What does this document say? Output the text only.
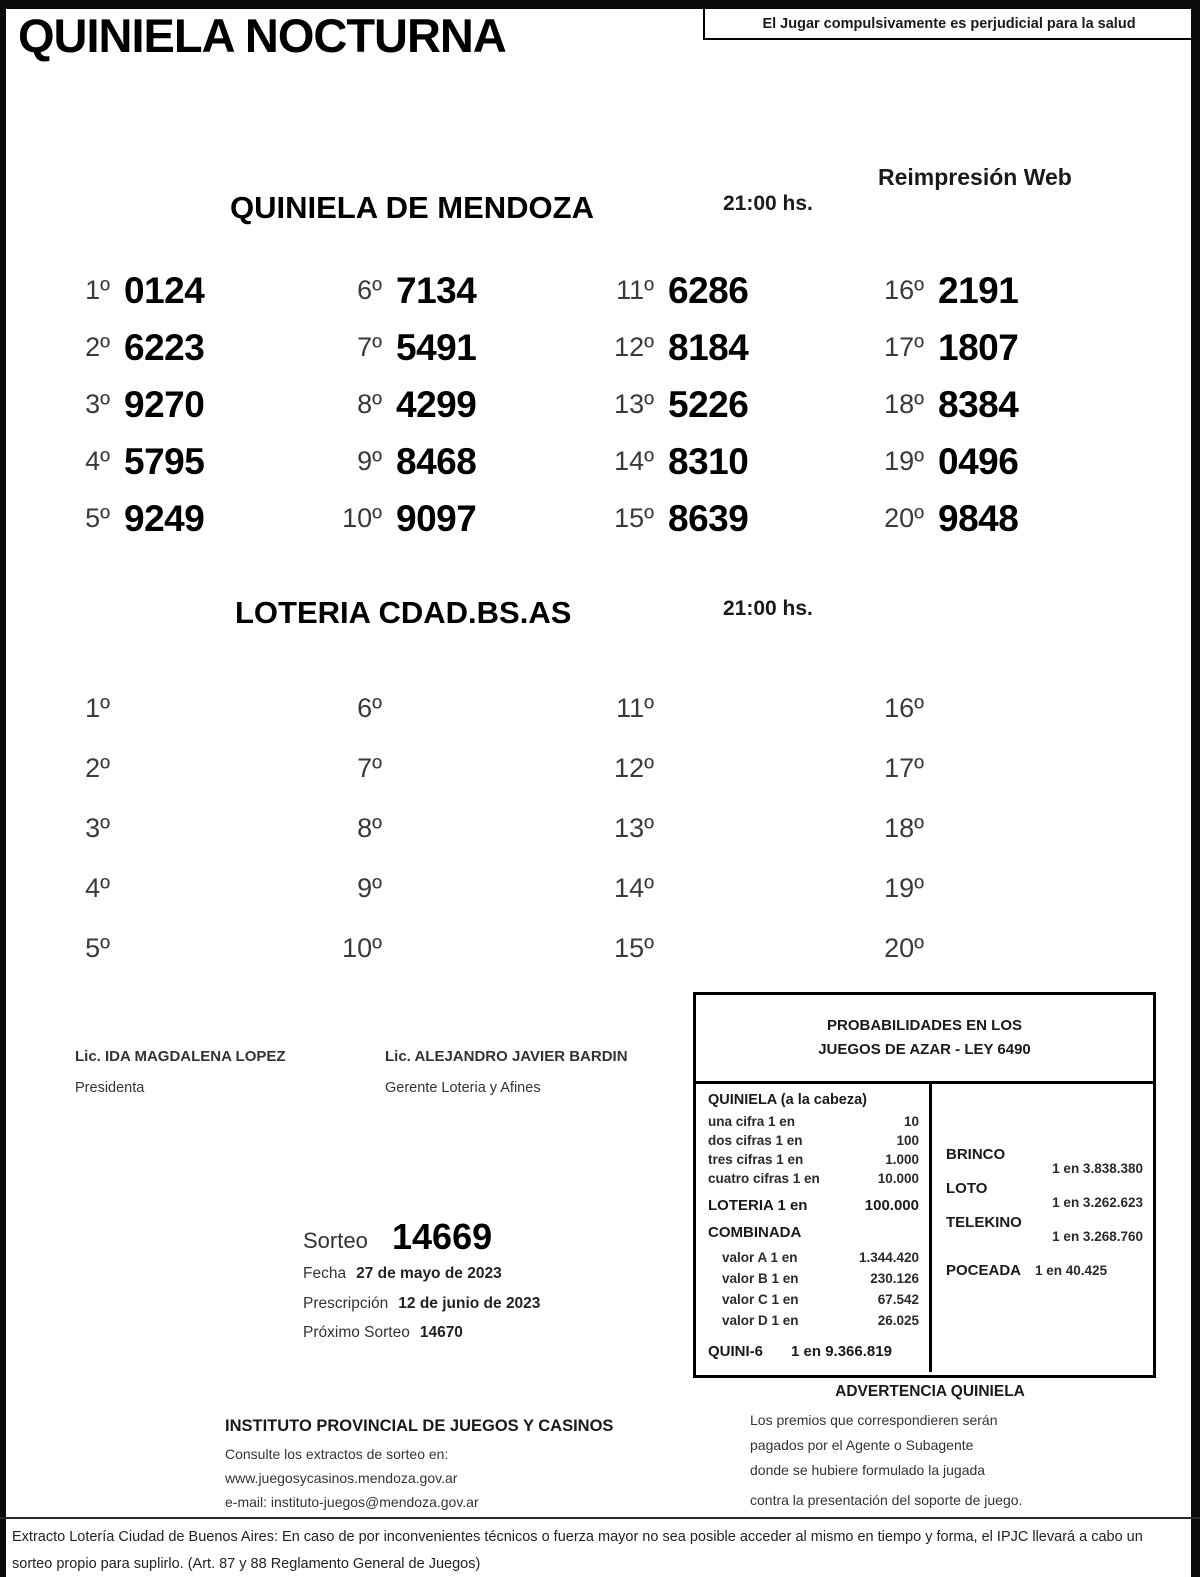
QUINIELA NOCTURNA	El Jugar compulsivamente es perjudicial para la salud
QUINIELA DE MENDOZA	21:00 hs.
Reimpresión Web
1º 0124
2º 6223
3º 9270
4º 5795
5º 9249
6º 7134
7º 5491
8º 4299
9º 8468
10º 9097
11º 6286
12º 8184
13º 5226
14º 8310
15º 8639
16º 2191
17º 1807
18º 8384
19º 0496
20º 9848
LOTERIA CDAD.BS.AS	21:00 hs.
1º
2º
3º
4º
5º
6º
7º
8º
9º
10º
11º
12º
13º
14º
15º
16º
17º
18º
19º
20º
Lic. IDA MAGDALENA LOPEZ
Presidenta
Lic. ALEJANDRO JAVIER BARDIN
Gerente Loteria y Afines
Sorteo 14669
Fecha 27 de mayo de 2023
Prescripción 12 de junio de 2023
Próximo Sorteo 14670
PROBABILIDADES EN LOS
JUEGOS DE AZAR - LEY 6490
QUINIELA (a la cabeza)
una cifra 1 en	10
dos cifras 1 en	100
tres cifras 1 en	1.000
cuatro cifras 1 en	10.000
LOTERIA 1 en	100.000
COMBINADA
valor A 1 en	1.344.420
valor B 1 en	230.126
valor C 1 en	67.542
valor D 1 en	26.025
QUINI-6 1 en 9.366.819
BRINCO
1 en 3.838.380
LOTO
1 en 3.262.623
TELEKINO
1 en 3.268.760
POCEADA 1 en 40.425
ADVERTENCIA QUINIELA
Los premios que correspondieren serán
pagados por el Agente o Subagente
donde se hubiere formulado la jugada
contra la presentación del soporte de juego.
INSTITUTO PROVINCIAL DE JUEGOS Y CASINOS
Consulte los extractos de sorteo en:
www.juegosycasinos.mendoza.gov.ar
e-mail: instituto-juegos@mendoza.gov.ar
Extracto Lotería Ciudad de Buenos Aires: En caso de por inconvenientes técnicos o fuerza mayor no sea posible acceder al mismo en tiempo y forma, el IPJC llevará a cabo un sorteo propio para suplirlo. (Art. 87 y 88 Reglamento General de Juegos)
